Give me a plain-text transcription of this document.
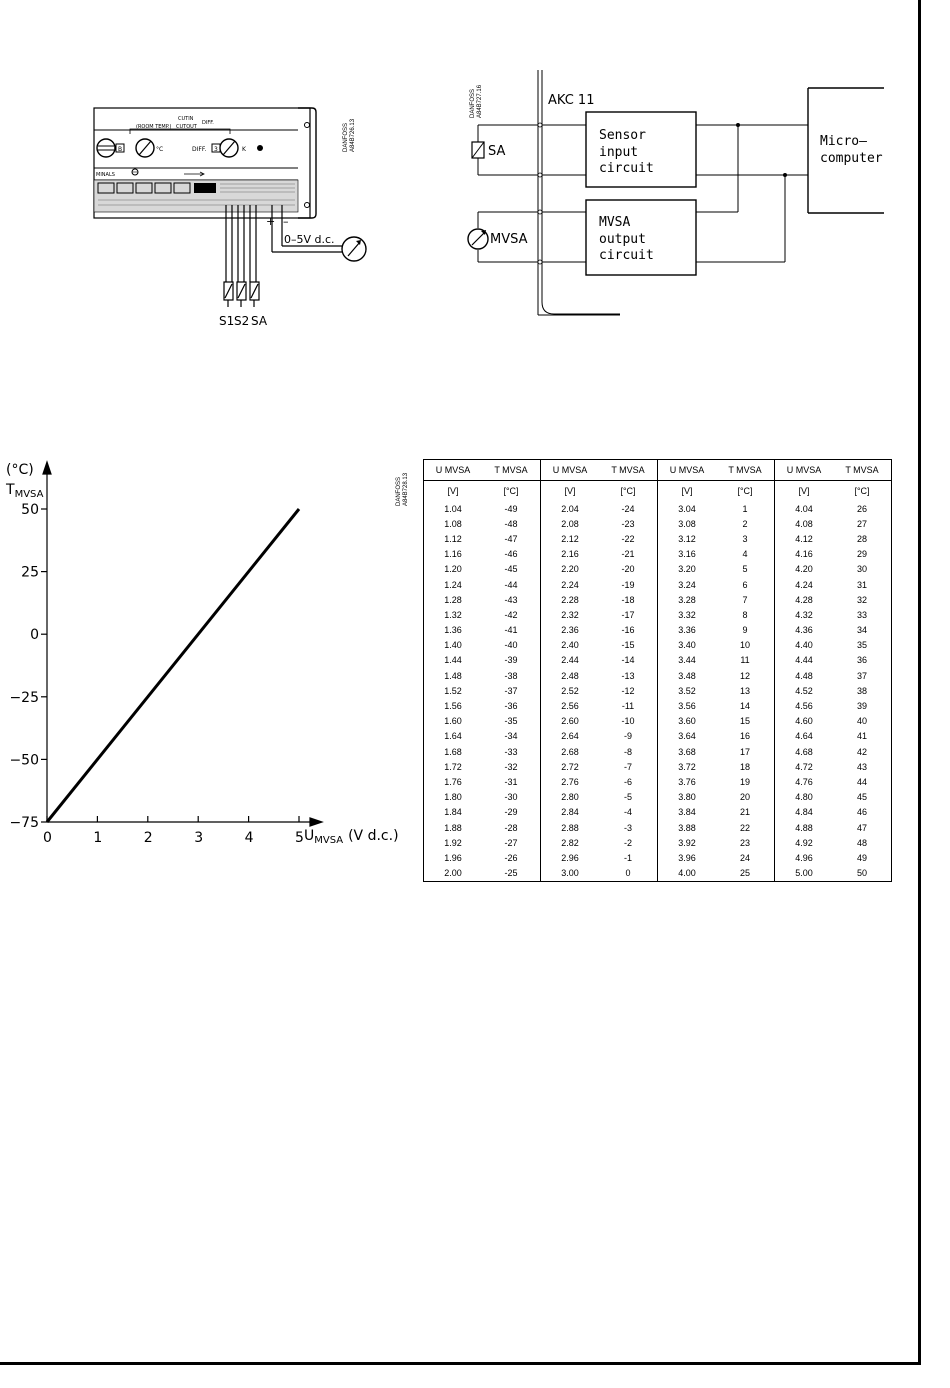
CUTIN
DIFF.
(ROOM TEMP.) CUTOUT
B	°C	DIFF. 3	K
MINALS
+ –
0–5V d.c.
S1 S2 SA
DANFOSS
A84B726.13
AKC 11
SA
MVSA
Sensor
input
circuit
MVSA
output
circuit
Micro–
computer
DANFOSS
A84B727.16
0	1	2	3	4	5
50
25
0
−25
−50
−75
(°C)
$T_{MVSA}$
$U_{MVSA}$ (V d.c.)
DANFOSS
A84B728.13
U MVSA	T MVSA	U MVSA	T MVSA	U MVSA	T MVSA	U MVSA	T MVSA
[V]	[°C]	[V]	[°C]	[V]	[°C]	[V]	[°C]
1.04	-49	2.04	-24	3.04	1	4.04	26
1.08	-48	2.08	-23	3.08	2	4.08	27
1.12	-47	2.12	-22	3.12	3	4.12	28
1.16	-46	2.16	-21	3.16	4	4.16	29
1.20	-45	2.20	-20	3.20	5	4.20	30
1.24	-44	2.24	-19	3.24	6	4.24	31
1.28	-43	2.28	-18	3.28	7	4.28	32
1.32	-42	2.32	-17	3.32	8	4.32	33
1.36	-41	2.36	-16	3.36	9	4.36	34
1.40	-40	2.40	-15	3.40	10	4.40	35
1.44	-39	2.44	-14	3.44	11	4.44	36
1.48	-38	2.48	-13	3.48	12	4.48	37
1.52	-37	2.52	-12	3.52	13	4.52	38
1.56	-36	2.56	-11	3.56	14	4.56	39
1.60	-35	2.60	-10	3.60	15	4.60	40
1.64	-34	2.64	-9	3.64	16	4.64	41
1.68	-33	2.68	-8	3.68	17	4.68	42
1.72	-32	2.72	-7	3.72	18	4.72	43
1.76	-31	2.76	-6	3.76	19	4.76	44
1.80	-30	2.80	-5	3.80	20	4.80	45
1.84	-29	2.84	-4	3.84	21	4.84	46
1.88	-28	2.88	-3	3.88	22	4.88	47
1.92	-27	2.82	-2	3.92	23	4.92	48
1.96	-26	2.96	-1	3.96	24	4.96	49
2.00	-25	3.00	0	4.00	25	5.00	50
